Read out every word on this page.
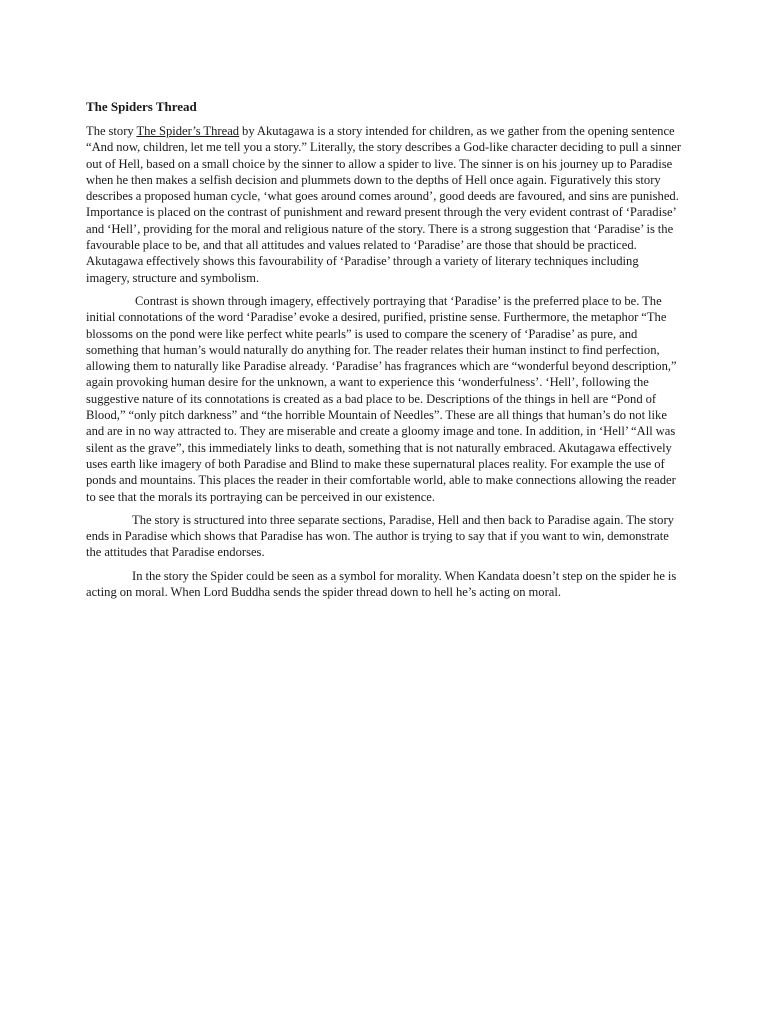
The Spiders Thread

The story The Spider’s Thread by Akutagawa is a story intended for children, as we gather from the opening sentence “And now, children, let me tell you a story.” Literally, the story describes a God-like character deciding to pull a sinner out of Hell, based on a small choice by the sinner to allow a spider to live. The sinner is on his journey up to Paradise when he then makes a selfish decision and plummets down to the depths of Hell once again. Figuratively this story describes a proposed human cycle, ‘what goes around comes around’, good deeds are favoured, and sins are punished. Importance is placed on the contrast of punishment and reward present through the very evident contrast of ‘Paradise’ and ‘Hell’, providing for the moral and religious nature of the story. There is a strong suggestion that ‘Paradise’ is the favourable place to be, and that all attitudes and values related to ‘Paradise’ are those that should be practiced. Akutagawa effectively shows this favourability of ‘Paradise’ through a variety of literary techniques including imagery, structure and symbolism.

Contrast is shown through imagery, effectively portraying that ‘Paradise’ is the preferred place to be. The initial connotations of the word ‘Paradise’ evoke a desired, purified, pristine sense. Furthermore, the metaphor “The blossoms on the pond were like perfect white pearls” is used to compare the scenery of ‘Paradise’ as pure, and something that human’s would naturally do anything for. The reader relates their human instinct to find perfection, allowing them to naturally like Paradise already. ‘Paradise’ has fragrances which are “wonderful beyond description,” again provoking human desire for the unknown, a want to experience this ‘wonderfulness’. ‘Hell’, following the suggestive nature of its connotations is created as a bad place to be. Descriptions of the things in hell are “Pond of Blood,” “only pitch darkness” and “the horrible Mountain of Needles”. These are all things that human’s do not like and are in no way attracted to. They are miserable and create a gloomy image and tone. In addition, in ‘Hell’ “All was silent as the grave”, this immediately links to death, something that is not naturally embraced. Akutagawa effectively uses earth like imagery of both Paradise and Blind to make these supernatural places reality. For example the use of ponds and mountains. This places the reader in their comfortable world, able to make connections allowing the reader to see that the morals its portraying can be perceived in our existence.

The story is structured into three separate sections, Paradise, Hell and then back to Paradise again. The story ends in Paradise which shows that Paradise has won. The author is trying to say that if you want to win, demonstrate the attitudes that Paradise endorses.

In the story the Spider could be seen as a symbol for morality. When Kandata doesn’t step on the spider he is acting on moral. When Lord Buddha sends the spider thread down to hell he’s acting on moral.
